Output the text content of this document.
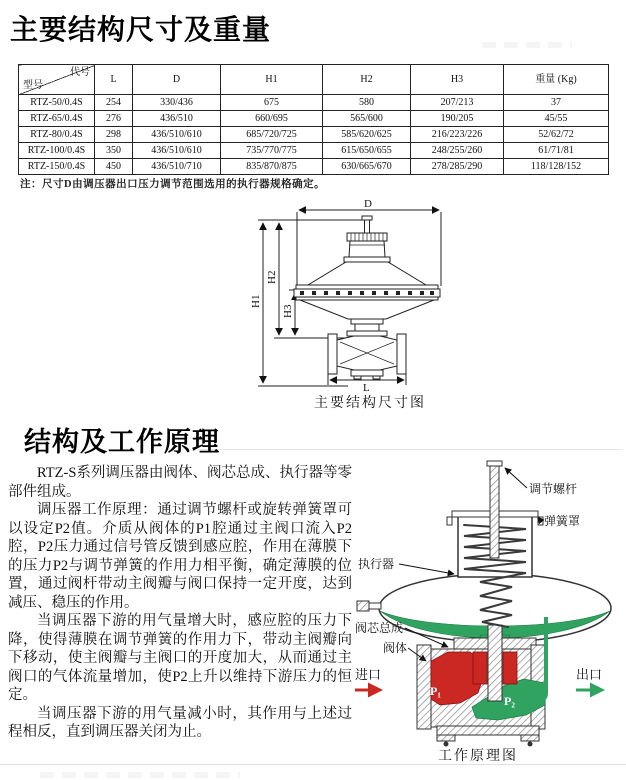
主要结构尺寸及重量
代号
型号	L	D	H1	H2	H3	重量 (Kg)
RTZ-50/0.4S	254	330/436	675	580	207/213	37
RTZ-65/0.4S	276	436/510	660/695	565/600	190/205	45/55
RTZ-80/0.4S	298	436/510/610	685/720/725	585/620/625	216/223/226	52/62/72
RTZ-100/0.4S	350	436/510/610	735/770/775	615/650/655	248/255/260	61/71/81
RTZ-150/0.4S	450	436/510/710	835/870/875	630/665/670	278/285/290	118/128/152
注：尺寸D由调压器出口压力调节范围选用的执行器规格确定。
D
H1
H2
H3
L
主要结构尺寸图
结构及工作原理

RTZ-S系列调压器由阀体、阀芯总成、执行器等零部件组成。

调压器工作原理：通过调节螺杆或旋转弹簧罩可以设定P2值。介质从阀体的P1腔通过主阀口流入P2腔，P2压力通过信号管反馈到感应腔，作用在薄膜下的压力P2与调节弹簧的作用力相平衡，确定薄膜的位置，通过阀杆带动主阀瓣与阀口保持一定开度，达到减压、稳压的作用。

当调压器下游的用气量增大时，感应腔的压力下降，使得薄膜在调节弹簧的作用力下，带动主阀瓣向下移动，使主阀瓣与主阀口的开度加大，从而通过主阀口的气体流量增加，使P2上升以维持下游压力的恒定。

当调压器下游的用气量减小时，其作用与上述过程相反，直到调压器关闭为止。

调节螺杆
弹簧罩
执行器
阀芯总成
阀体
进口	出口
P₁
P₂
工作原理图
